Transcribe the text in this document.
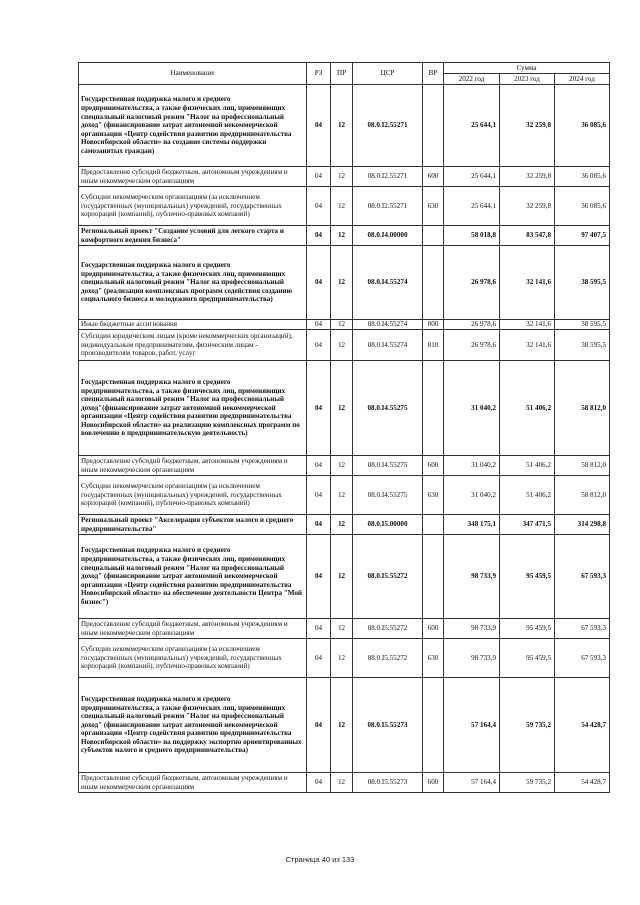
Наименование	РЗ	ПР	ЦСР	ВР	Сумма		
					2022 год	2023 год	2024 год
Государственная поддержка малого и среднего предпринимательства, а также физических лиц, применяющих специальный налоговый режим "Налог на профессиональный доход" (финансирование затрат автономной некоммерческой организации «Центр содействия развитию предпринимательства Новосибирской области» на создание системы поддержки самозанятых граждан)	04	12	08.0.I2.55271		25 644,1	32 259,8	36 085,6
Предоставление субсидий бюджетным, автономным учреждениям и иным некоммерческим организациям	04	12	08.0.I2.55271	600	25 644,1	32 259,8	36 085,6
Субсидии некоммерческим организациям (за исключением государственных (муниципальных) учреждений, государственных корпораций (компаний), публично-правовых компаний)	04	12	08.0.I2.55271	630	25 644,1	32 259,8	36 085,6
Региональный проект "Создание условий для легкого старта и комфортного ведения бизнеса"	04	12	08.0.I4.00000		58 018,8	83 547,8	97 407,5
Государственная поддержка малого и среднего предпринимательства, а также физических лиц, применяющих специальный налоговый режим "Налог на профессиональный доход" (реализация комплексных программ содействия созданию социального бизнеса и молодежного предпринимательства)	04	12	08.0.I4.55274		26 978,6	32 141,6	38 595,5
Иные бюджетные ассигнования	04	12	08.0.I4.55274	800	26 978,6	32 141,6	38 595,5
Субсидии юридическим лицам (кроме некоммерческих организаций), индивидуальным предпринимателям, физическим лицам - производителям товаров, работ, услуг	04	12	08.0.I4.55274	810	26 978,6	32 141,6	38 595,5
Государственная поддержка малого и среднего предпринимательства, а также физических лиц, применяющих специальный налоговый режим "Налог на профессиональный доход"(финансирование затрат автономной некоммерческой организации «Центр содействия развитию предпринимательства Новосибирской области» на реализацию комплексных программ по вовлечению в предпринимательскую деятельность)	04	12	08.0.I4.55275		31 040,2	51 406,2	58 812,0
Предоставление субсидий бюджетным, автономным учреждениям и иным некоммерческим организациям	04	12	08.0.I4.55275	600	31 040,2	51 406,2	58 812,0
Субсидии некоммерческим организациям (за исключением государственных (муниципальных) учреждений, государственных корпораций (компаний), публично-правовых компаний)	04	12	08.0.I4.55275	630	31 040,2	51 406,2	58 812,0
Региональный проект "Акселерация субъектов малого и среднего предпринимательства"	04	12	08.0.I5.00000		348 175,1	347 471,5	314 298,8
Государственная поддержка малого и среднего предпринимательства, а также физических лиц, применяющих специальный налоговый режим "Налог на профессиональный доход" (финансирование затрат автономной некоммерческой организации «Центр содействия развитию предпринимательства Новосибирской области» на обеспечение деятельности Центра "Мой бизнес")	04	12	08.0.I5.55272		98 733,9	95 459,5	67 593,3
Предоставление субсидий бюджетным, автономным учреждениям и иным некоммерческим организациям	04	12	08.0.I5.55272	600	98 733,9	95 459,5	67 593,3
Субсидии некоммерческим организациям (за исключением государственных (муниципальных) учреждений, государственных корпораций (компаний), публично-правовых компаний)	04	12	08.0.I5.55272	630	98 733,9	95 459,5	67 593,3
Государственная поддержка малого и среднего предпринимательства, а также физических лиц, применяющих специальный налоговый режим "Налог на профессиональный доход" (финансирование затрат автономной некоммерческой организации «Центр содействия развитию предпринимательства Новосибирской области» на поддержку экспортно ориентированных субъектов малого и среднего предпринимательства)	04	12	08.0.I5.55273		57 164,4	59 735,2	54 428,7
Предоставление субсидий бюджетным, автономным учреждениям и иным некоммерческим организациям	04	12	08.0.I5.55273	600	57 164,4	59 735,2	54 428,7
Страница 40 из 133
